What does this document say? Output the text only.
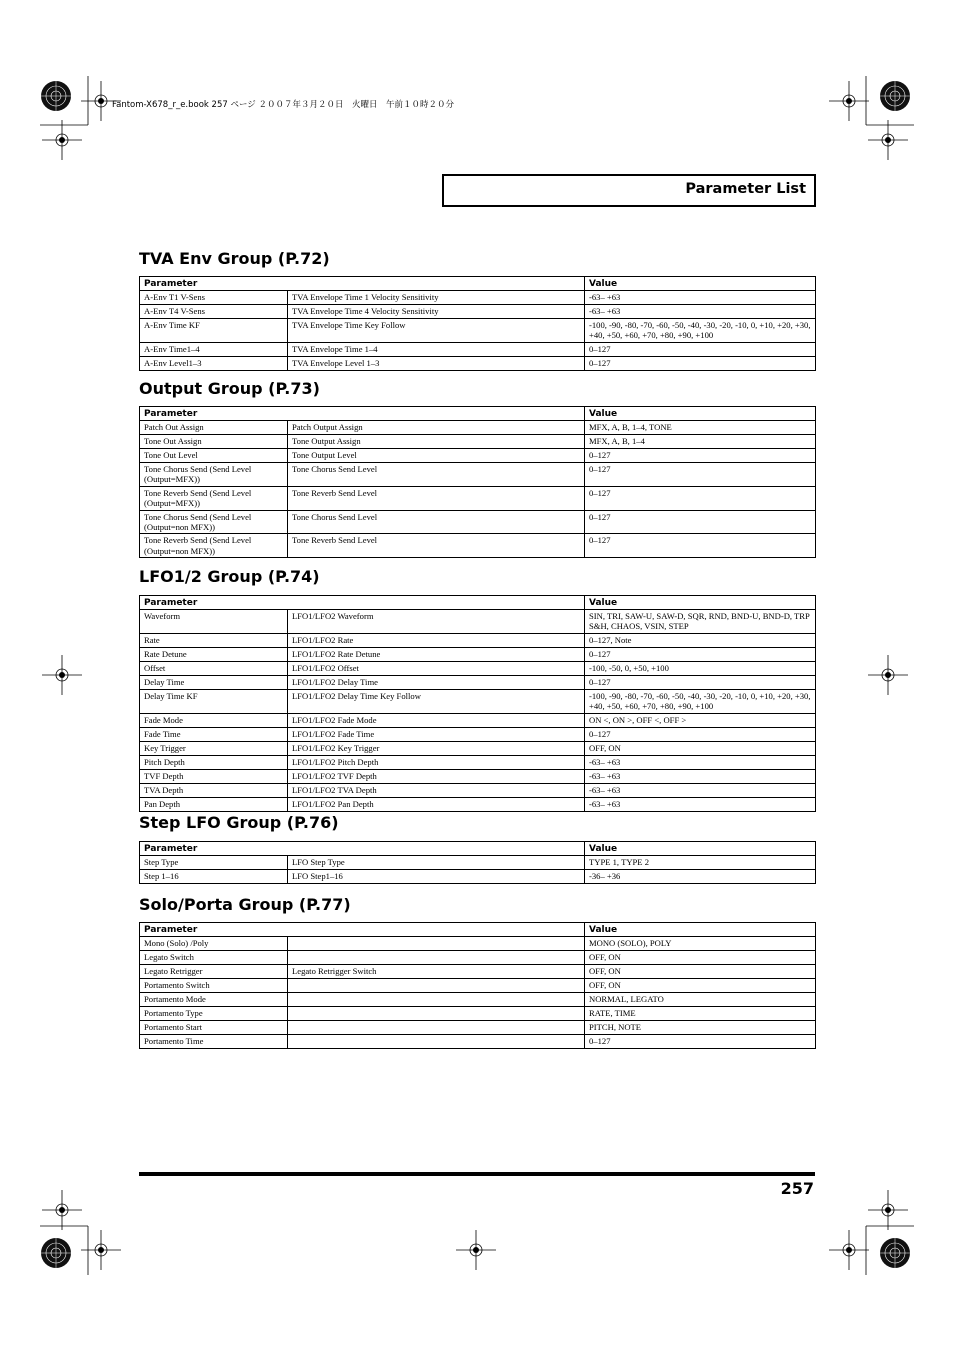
Fantom-X678_r_e.book 257 ページ ２００７年３月２０日　火曜日　午前１０時２０分
Parameter List
TVA Env Group (P.72)
Parameter		Value
A-Env T1 V-Sens	TVA Envelope Time 1 Velocity Sensitivity	-63– +63
A-Env T4 V-Sens	TVA Envelope Time 4 Velocity Sensitivity	-63– +63
A-Env Time KF	TVA Envelope Time Key Follow	-100, -90, -80, -70, -60, -50, -40, -30, -20, -10, 0, +10, +20, +30, +40, +50, +60, +70, +80, +90, +100
A-Env Time1–4	TVA Envelope Time 1–4	0–127
A-Env Level1–3	TVA Envelope Level 1–3	0–127
Output Group (P.73)
Parameter		Value
Patch Out Assign	Patch Output Assign	MFX, A, B, 1–4, TONE
Tone Out Assign	Tone Output Assign	MFX, A, B, 1–4
Tone Out Level	Tone Output Level	0–127
Tone Chorus Send (Send Level (Output=MFX))	Tone Chorus Send Level	0–127
Tone Reverb Send (Send Level (Output=MFX))	Tone Reverb Send Level	0–127
Tone Chorus Send (Send Level (Output=non MFX))	Tone Chorus Send Level	0–127
Tone Reverb Send (Send Level (Output=non MFX))	Tone Reverb Send Level	0–127
LFO1/2 Group (P.74)
Parameter		Value
Waveform	LFO1/LFO2 Waveform	SIN, TRI, SAW-U, SAW-D, SQR, RND, BND-U, BND-D, TRP S&H, CHAOS, VSIN, STEP
Rate	LFO1/LFO2 Rate	0–127, Note
Rate Detune	LFO1/LFO2 Rate Detune	0–127
Offset	LFO1/LFO2 Offset	-100, -50, 0, +50, +100
Delay Time	LFO1/LFO2 Delay Time	0–127
Delay Time KF	LFO1/LFO2 Delay Time Key Follow	-100, -90, -80, -70, -60, -50, -40, -30, -20, -10, 0, +10, +20, +30, +40, +50, +60, +70, +80, +90, +100
Fade Mode	LFO1/LFO2 Fade Mode	ON <, ON >, OFF <, OFF >
Fade Time	LFO1/LFO2 Fade Time	0–127
Key Trigger	LFO1/LFO2 Key Trigger	OFF, ON
Pitch Depth	LFO1/LFO2 Pitch Depth	-63– +63
TVF Depth	LFO1/LFO2 TVF Depth	-63– +63
TVA Depth	LFO1/LFO2 TVA Depth	-63– +63
Pan Depth	LFO1/LFO2 Pan Depth	-63– +63
Step LFO Group (P.76)
Parameter		Value
Step Type	LFO Step Type	TYPE 1, TYPE 2
Step 1–16	LFO Step1–16	-36– +36
Solo/Porta Group (P.77)
Parameter		Value
Mono (Solo) /Poly		MONO (SOLO), POLY
Legato Switch		OFF, ON
Legato Retrigger	Legato Retrigger Switch	OFF, ON
Portamento Switch		OFF, ON
Portamento Mode		NORMAL, LEGATO
Portamento Type		RATE, TIME
Portamento Start		PITCH, NOTE
Portamento Time		0–127
257
